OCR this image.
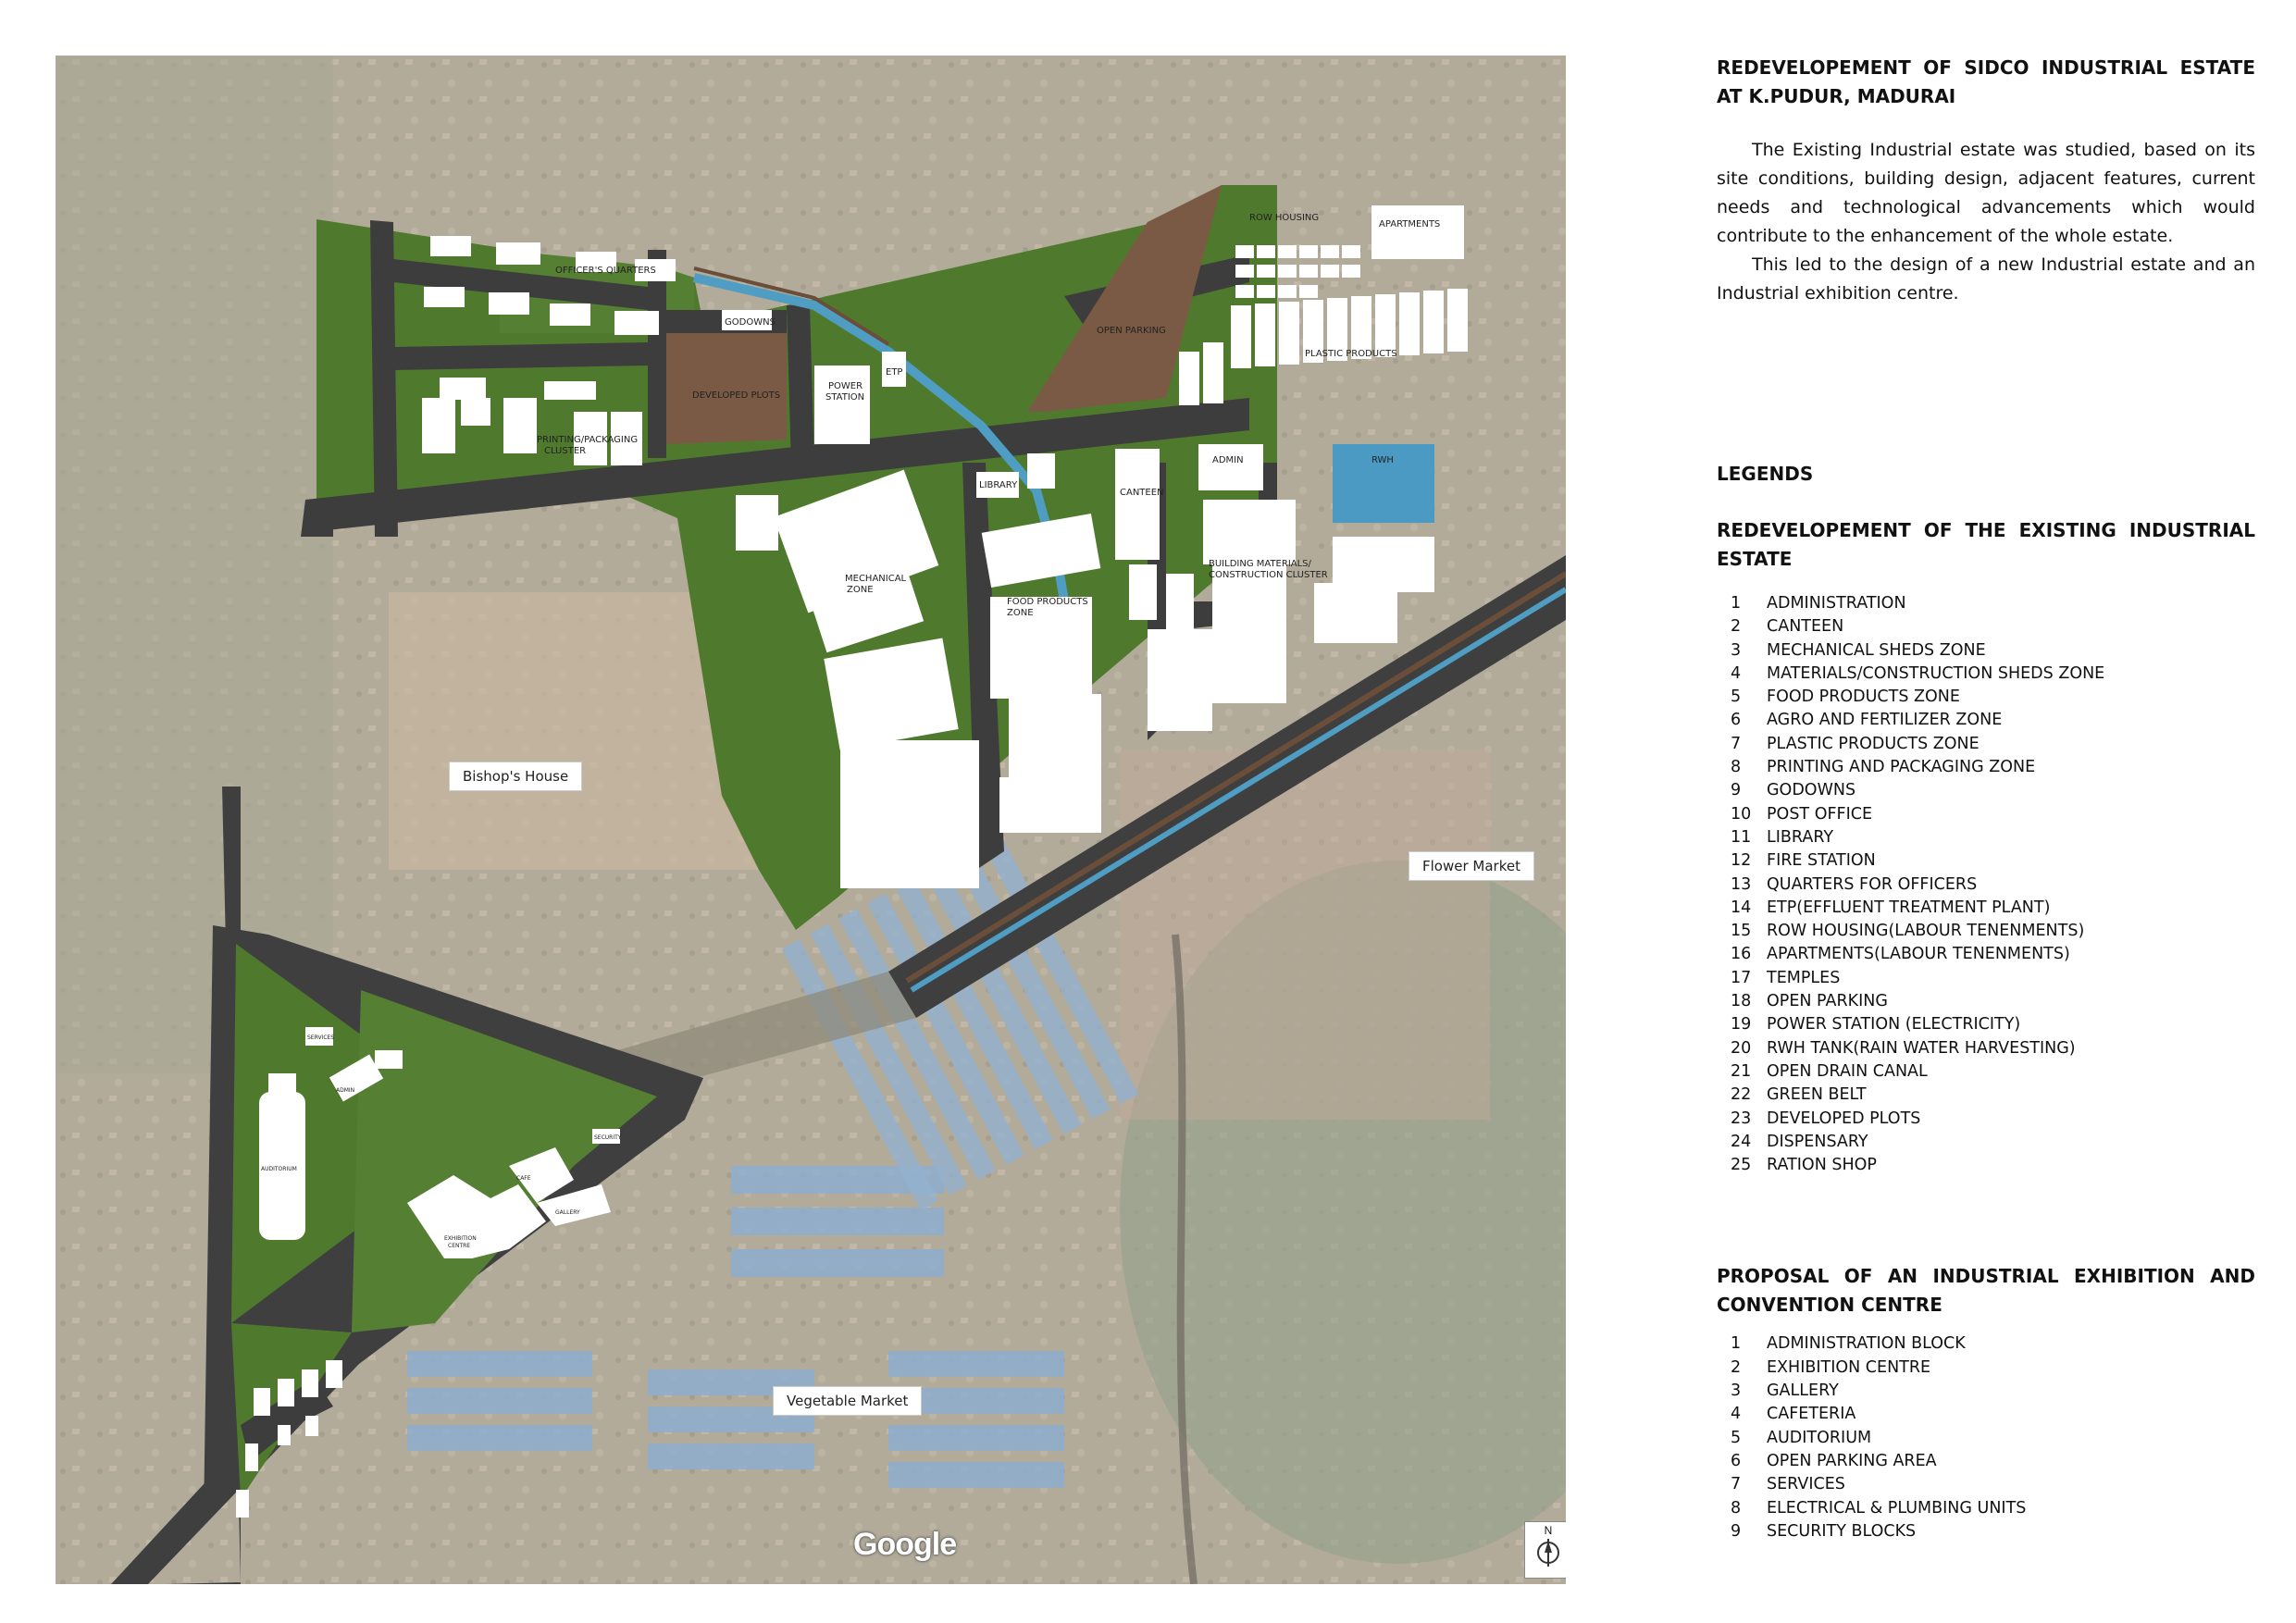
OFFICER'S QUARTERS
GODOWNS
DEVELOPED PLOTS
POWER
STATION
ETP
OPEN PARKING
ROW HOUSING
APARTMENTS
PLASTIC PRODUCTS
PRINTING/PACKAGING
CLUSTER
LIBRARY
CANTEEN
ADMIN	RWH
MECHANICAL
ZONE
FOOD PRODUCTS
ZONE
BUILDING MATERIALS/
CONSTRUCTION CLUSTER
SERVICES
ADMIN
CAFE
GALLERY
SECURITY
AUDITORIUM
EXHIBITION
CENTRE
Bishop's House
Flower Market
Vegetable Market
Google	N

REDEVELOPEMENT OF SIDCO INDUSTRIAL ESTATE AT K.PUDUR, MADURAI

The Existing Industrial estate was studied, based on its site conditions, building design, adjacent features, current needs and technological advancements which would contribute to the enhancement of the whole estate.

This led to the design of a new Industrial estate and an Industrial exhibition centre.

LEGENDS

REDEVELOPEMENT OF THE EXISTING INDUSTRIAL ESTATE

1	ADMINISTRATION
2	CANTEEN
3	MECHANICAL SHEDS ZONE
4	MATERIALS/CONSTRUCTION SHEDS ZONE
5	FOOD PRODUCTS ZONE
6	AGRO AND FERTILIZER ZONE
7	PLASTIC PRODUCTS ZONE
8	PRINTING AND PACKAGING ZONE
9	GODOWNS
10 POST OFFICE
11 LIBRARY
12 FIRE STATION
13 QUARTERS FOR OFFICERS
14 ETP(EFFLUENT TREATMENT PLANT)
15 ROW HOUSING(LABOUR TENENMENTS)
16 APARTMENTS(LABOUR TENENMENTS)
17 TEMPLES
18 OPEN PARKING
19 POWER STATION (ELECTRICITY)
20 RWH TANK(RAIN WATER HARVESTING)
21 OPEN DRAIN CANAL
22 GREEN BELT
23 DEVELOPED PLOTS
24 DISPENSARY
25 RATION SHOP

PROPOSAL OF AN INDUSTRIAL EXHIBITION AND CONVENTION CENTRE

1	ADMINISTRATION BLOCK
2	EXHIBITION CENTRE
3	GALLERY
4	CAFETERIA
5	AUDITORIUM
6	OPEN PARKING AREA
7	SERVICES
8	ELECTRICAL & PLUMBING UNITS
9	SECURITY BLOCKS
